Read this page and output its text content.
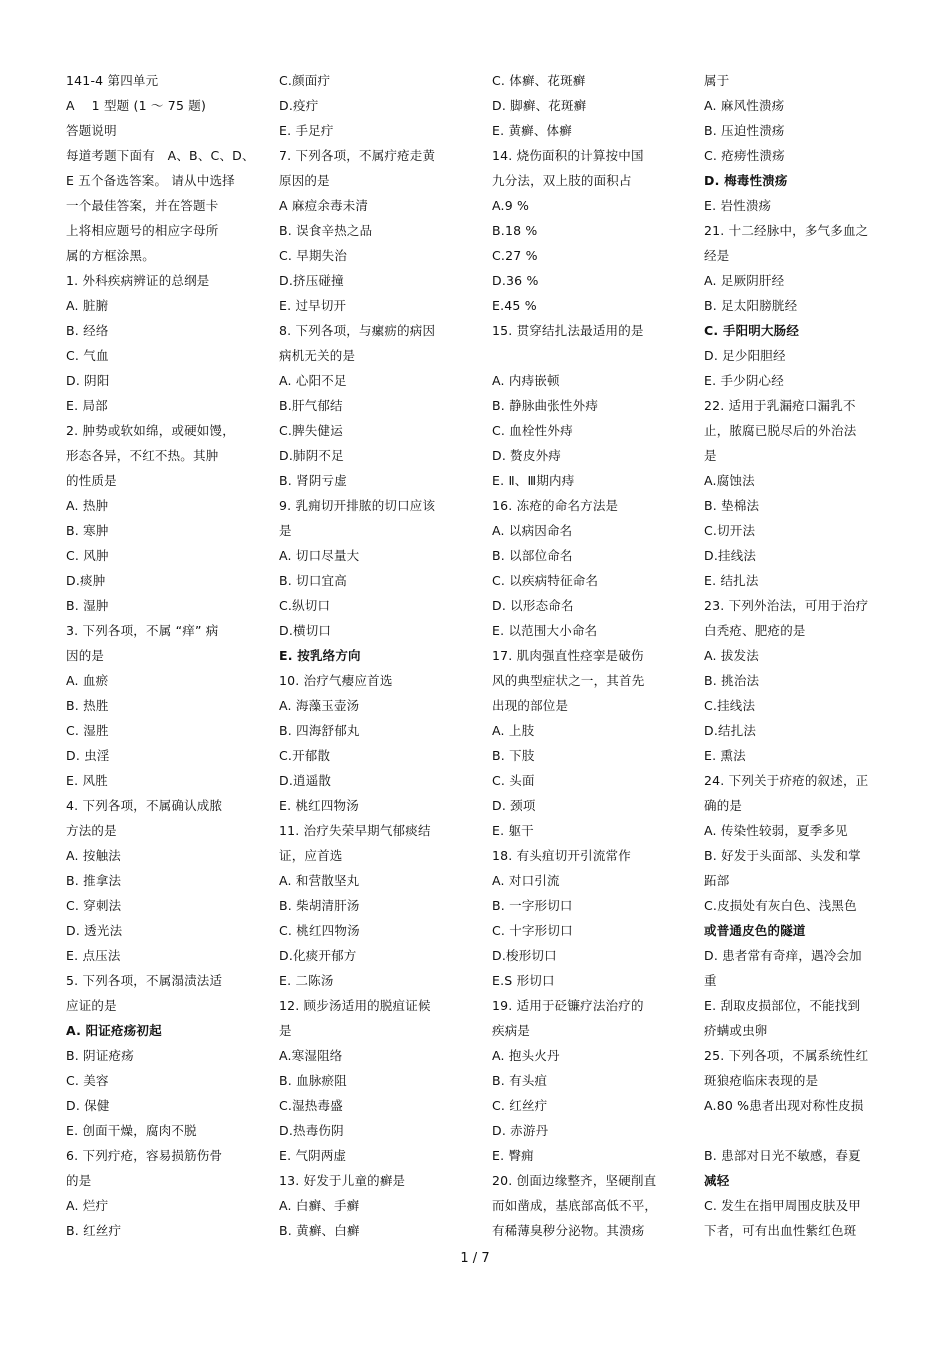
141-4 第四单元

A　 1 型题 (1 ～ 75 题)

答题说明

每道考题下面有　A、B、C、D、

E 五个备选答案。 请从中选择

一个最佳答案，并在答题卡

上将相应题号的相应字母所

属的方框涂黑。

1. 外科疾病辨证的总纲是

A. 脏腑

B. 经络

C. 气血

D. 阴阳

E. 局部

2. 肿势或软如绵，或硬如馒，

形态各异，不红不热。其肿

的性质是

A. 热肿

B. 寒肿

C. 风肿

D.痰肿

B. 湿肿

3. 下列各项，不属 “痒” 病

因的是

A. 血瘀

B. 热胜

C. 湿胜

D. 虫淫

E. 风胜

4. 下列各项，不属确认成脓

方法的是

A. 按触法

B. 推拿法

C. 穿刺法

D. 透光法

E. 点压法

5. 下列各项，不属溻渍法适

应证的是

A. 阳证疮疡初起

B. 阴证疮疡

C. 美容

D. 保健

E. 创面干燥，腐肉不脱

6. 下列疔疮，容易损筋伤骨

的是

A. 烂疔

B. 红丝疔

C.颜面疔

D.疫疔

E. 手足疔

7. 下列各项，不属疔疮走黄

原因的是

A 麻痘余毒未清

B. 误食辛热之品

C. 早期失治

D.挤压碰撞

E. 过早切开

8. 下列各项，与瘰疬的病因

病机无关的是

A. 心阳不足

B.肝气郁结

C.脾失健运

D.肺阴不足

B. 肾阴亏虚

9. 乳痈切开排脓的切口应该

是

A. 切口尽量大

B. 切口宜高

C.纵切口

D.横切口

E. 按乳络方向

10. 治疗气瘿应首选

A. 海藻玉壶汤

B. 四海舒郁丸

C.开郁散

D.逍遥散

E. 桃红四物汤

11. 治疗失荣早期气郁痰结

证，应首选

A. 和营散坚丸

B. 柴胡清肝汤

C. 桃红四物汤

D.化痰开郁方

E. 二陈汤

12. 顾步汤适用的脱疽证候

是

A.寒湿阻络

B. 血脉瘀阻

C.湿热毒盛

D.热毒伤阴

E. 气阴两虚

13. 好发于儿童的癣是

A. 白癣、手癣

B. 黄癣、白癣

C. 体癣、花斑癣

D. 脚癣、花斑癣

E. 黄癣、体癣

14. 烧伤面积的计算按中国

九分法，双上肢的面积占

A.9 %

B.18 %

C.27 %

D.36 %

E.45 %

15. 贯穿结扎法最适用的是

A. 内痔嵌顿

B. 静脉曲张性外痔

C. 血栓性外痔

D. 赘皮外痔

E. Ⅱ、Ⅲ期内痔

16. 冻疮的命名方法是

A. 以病因命名

B. 以部位命名

C. 以疾病特征命名

D. 以形态命名

E. 以范围大小命名

17. 肌肉强直性痉挛是破伤

风的典型症状之一，其首先

出现的部位是

A. 上肢

B. 下肢

C. 头面

D. 颈项

E. 躯干

18. 有头疽切开引流常作

A. 对口引流

B. 一字形切口

C. 十字形切口

D.梭形切口

E.S 形切口

19. 适用于砭镰疗法治疗的

疾病是

A. 抱头火丹

B. 有头疽

C. 红丝疔

D. 赤游丹

E. 臀痈

20. 创面边缘整齐，坚硬削直

而如凿成，基底部高低不平，

有稀薄臭秽分泌物。其溃疡

属于

A. 麻风性溃疡

B. 压迫性溃疡

C. 疮痨性溃疡

D. 梅毒性溃疡

E. 岩性溃疡

21. 十二经脉中，多气多血之

经是

A. 足厥阴肝经

B. 足太阳膀胱经

C. 手阳明大肠经

D. 足少阳胆经

E. 手少阴心经

22. 适用于乳漏疮口漏乳不

止，脓腐已脱尽后的外治法

是

A.腐蚀法

B. 垫棉法

C.切开法

D.挂线法

E. 结扎法

23. 下列外治法，可用于治疗

白秃疮、肥疮的是

A. 拔发法

B. 挑治法

C.挂线法

D.结扎法

E. 熏法

24. 下列关于疥疮的叙述，正

确的是

A. 传染性较弱，夏季多见

B. 好发于头面部、头发和掌

跖部

C.皮损处有灰白色、浅黑色

或普通皮色的隧道

D. 患者常有奇痒，遇冷会加

重

E. 刮取皮损部位，不能找到

疥螨或虫卵

25. 下列各项，不属系统性红

斑狼疮临床表现的是

A.80 %患者出现对称性皮损

B. 患部对日光不敏感，春夏

减轻

C. 发生在指甲周围皮肤及甲

下者，可有出血性紫红色斑

1 / 7
